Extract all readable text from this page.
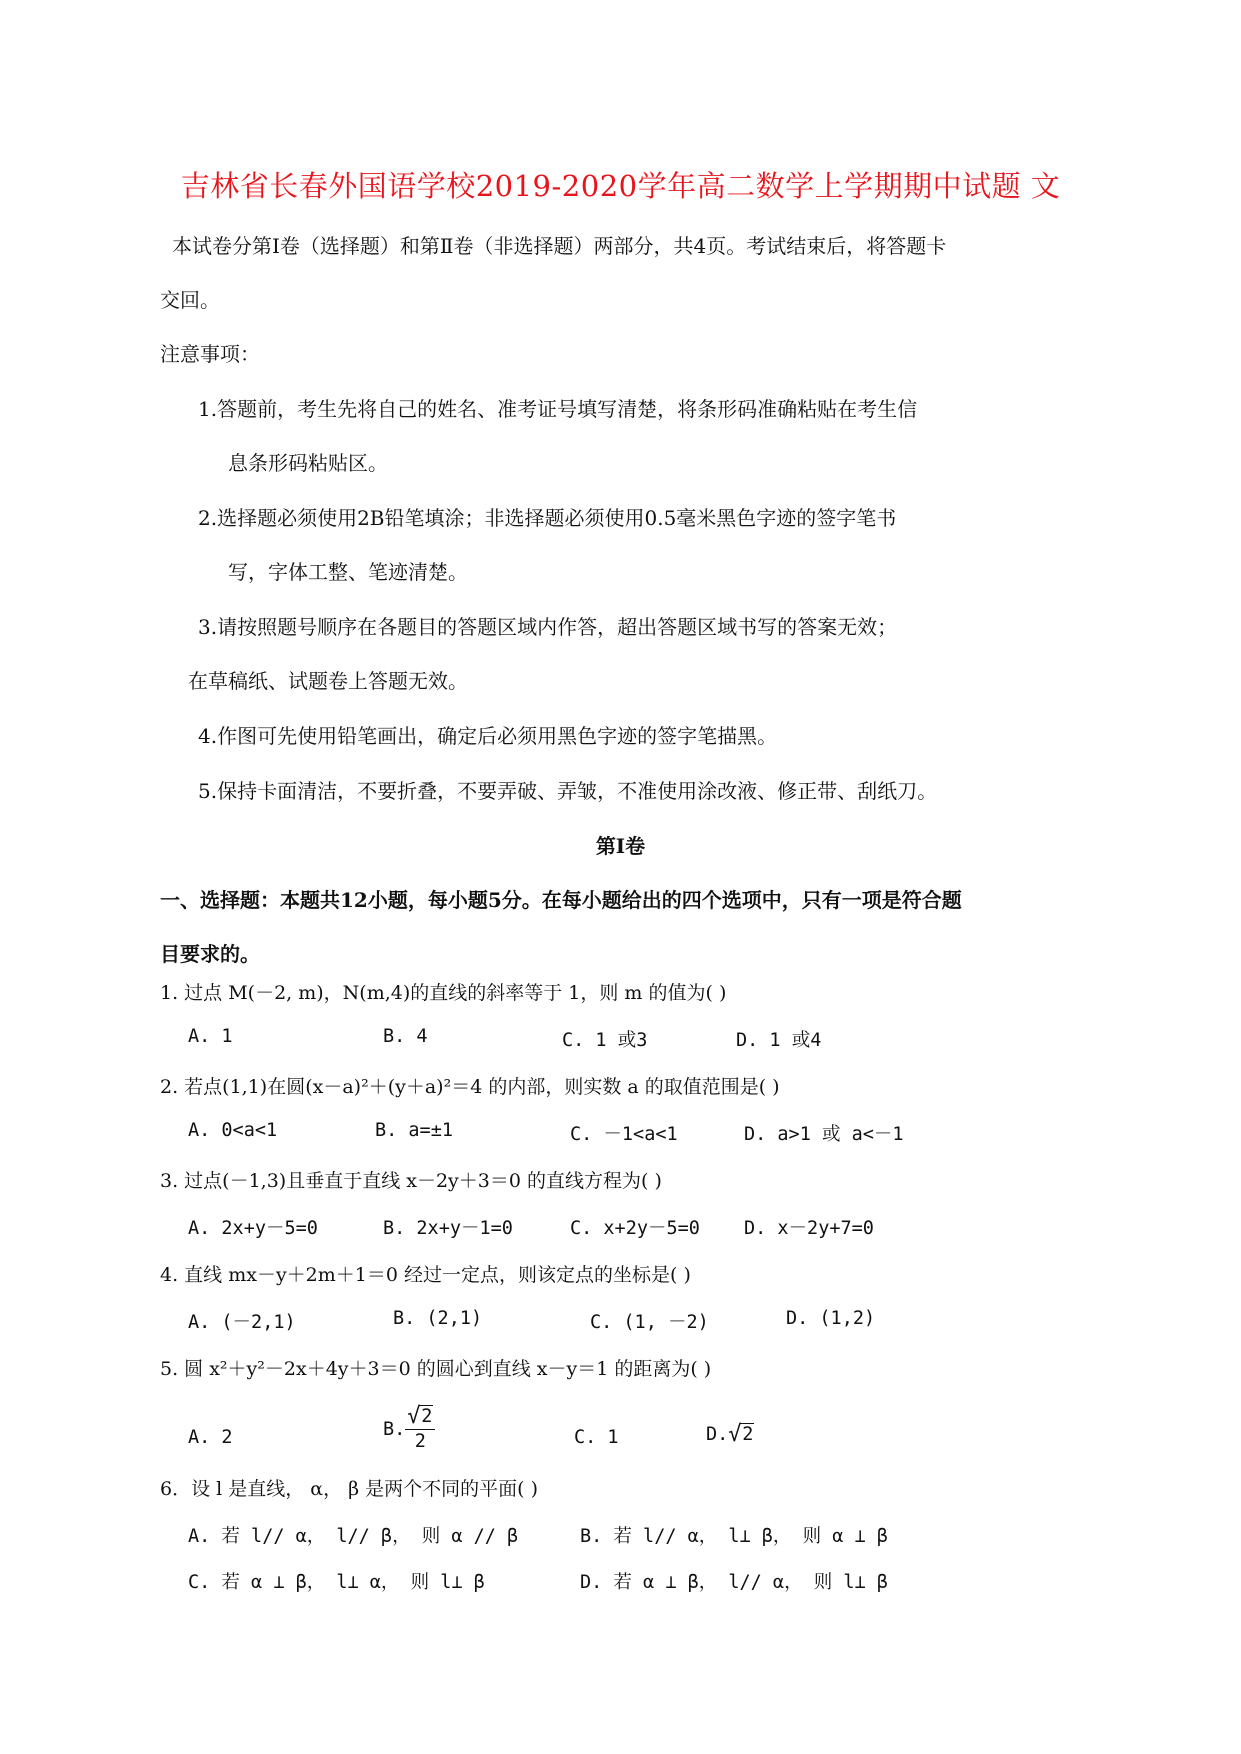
吉林省长春外国语学校2019-2020学年高二数学上学期期中试题 文
本试卷分第Ⅰ卷（选择题）和第Ⅱ卷（非选择题）两部分，共4页。考试结束后，将答题卡
交回。
注意事项：
1.答题前，考生先将自己的姓名、准考证号填写清楚，将条形码准确粘贴在考生信
息条形码粘贴区。
2.选择题必须使用2B铅笔填涂；非选择题必须使用0.5毫米黑色字迹的签字笔书
写，字体工整、笔迹清楚。
3.请按照题号顺序在各题目的答题区域内作答，超出答题区域书写的答案无效；
在草稿纸、试题卷上答题无效。
4.作图可先使用铅笔画出，确定后必须用黑色字迹的签字笔描黑。
5.保持卡面清洁，不要折叠，不要弄破、弄皱，不准使用涂改液、修正带、刮纸刀。
第Ⅰ卷
一、选择题：本题共12小题，每小题5分。在每小题给出的四个选项中，只有一项是符合题
目要求的。
1. 过点 M(－2, m)，N(m,4)的直线的斜率等于 1，则 m 的值为( )
A. 1	B. 4	C. 1 或3	D. 1 或4
2. 若点(1,1)在圆(x－a)²＋(y＋a)²＝4 的内部，则实数 a 的取值范围是( )
A. 0<a<1	B. a=±1	C. －1<a<1	D. a>1 或 a<－1
3. 过点(－1,3)且垂直于直线 x－2y＋3＝0 的直线方程为( )
A. 2x+y－5=0	B. 2x+y－1=0	C. x+2y－5=0 D. x－2y+7=0
4. 直线 mx－y＋2m＋1＝0 经过一定点，则该定点的坐标是( )
A. (－2,1)	B. (2,1)	C. (1, －2)	D. (1,2)
5. 圆 x²＋y²－2x＋4y＋3＝0 的圆心到直线 x－y＝1 的距离为( )
A. 2	B. $\frac{√ 2}{2}$	C. 1	D. √ 2
6．设 l 是直线， α， β 是两个不同的平面( )
A. 若 l// α， l// β， 则 α // β	B. 若 l// α， l⊥ β， 则 α ⊥ β
C. 若 α ⊥ β， l⊥ α， 则 l⊥ β	D. 若 α ⊥ β， l// α， 则 l⊥ β
